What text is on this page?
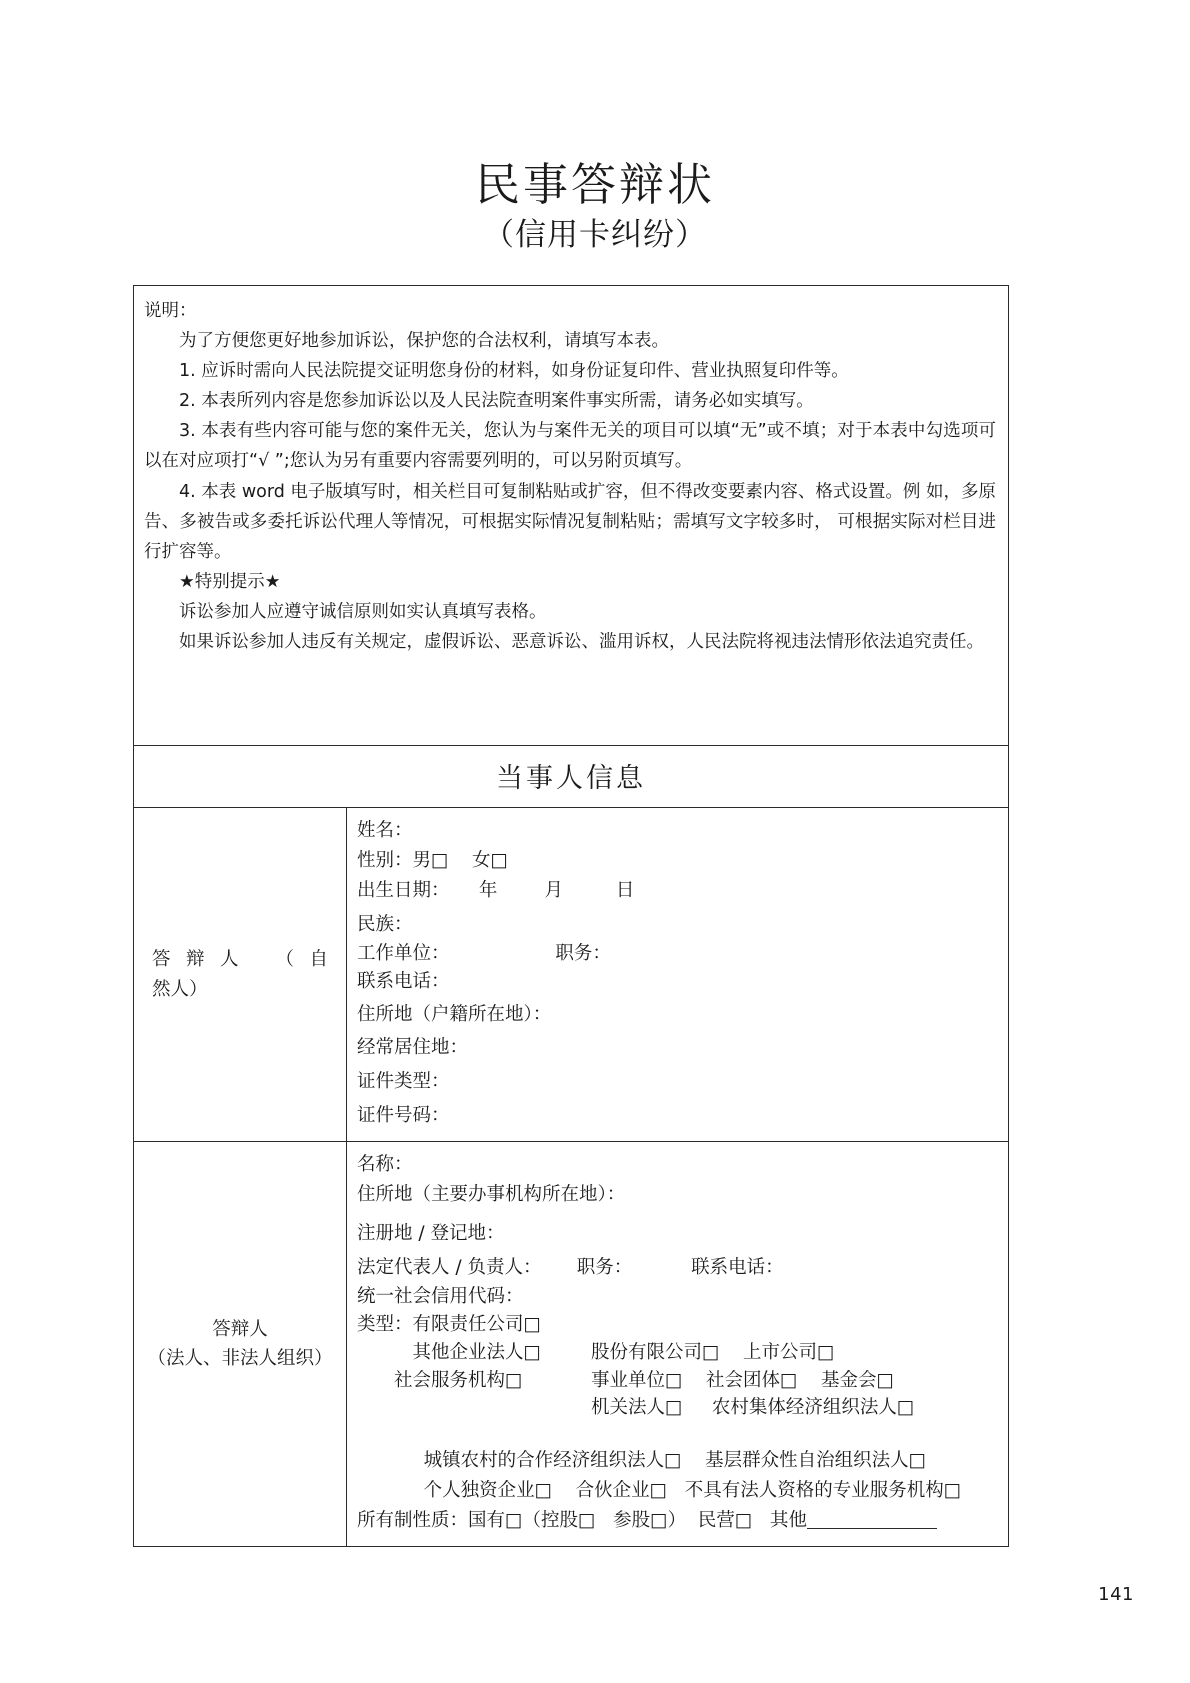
民事答辩状
（信用卡纠纷）

说明：

为了方便您更好地参加诉讼，保护您的合法权利，请填写本表。

1. 应诉时需向人民法院提交证明您身份的材料，如身份证复印件、营业执照复印件等。

2. 本表所列内容是您参加诉讼以及人民法院查明案件事实所需，请务必如实填写。

3. 本表有些内容可能与您的案件无关，您认为与案件无关的项目可以填“无”或不填；对于本表中勾选项可以在对应项打“√ ”;您认为另有重要内容需要列明的，可以另附页填写。

4. 本表 word 电子版填写时，相关栏目可复制粘贴或扩容，但不得改变要素内容、格式设置。例 如，多原告、多被告或多委托诉讼代理人等情况，可根据实际情况复制粘贴；需填写文字较多时， 可根据实际对栏目进行扩容等。

★特别提示★

诉讼参加人应遵守诚信原则如实认真填写表格。

如果诉讼参加人违反有关规定，虚假诉讼、恶意诉讼、滥用诉权，人民法院将视违法情形依法追究责任。

当事人信息
答辩人 （自
然人）

姓名：

性别：男□    女□

出生日期：     年        月         日

民族：

工作单位：                  职务：

联系电话：

住所地（户籍所在地）：

经常居住地：

证件类型：

证件号码：

答辩人
（法人、非法人组织）

名称：

住所地（主要办事机构所在地）：

注册地 / 登记地：

法定代表人 / 负责人：      职务：          联系电话：

统一社会信用代码：

类型：有限责任公司□

其他企业法人□

社会服务机构□

股份有限公司□    上市公司□

事业单位□    社会团体□    基金会□

机关法人□     农村集体经济组织法人□

城镇农村的合作经济组织法人□    基层群众性自治组织法人□

个人独资企业□    合伙企业□   不具有法人资格的专业服务机构□

所有制性质：国有□（控股□   参股□）  民营□   其他

141
